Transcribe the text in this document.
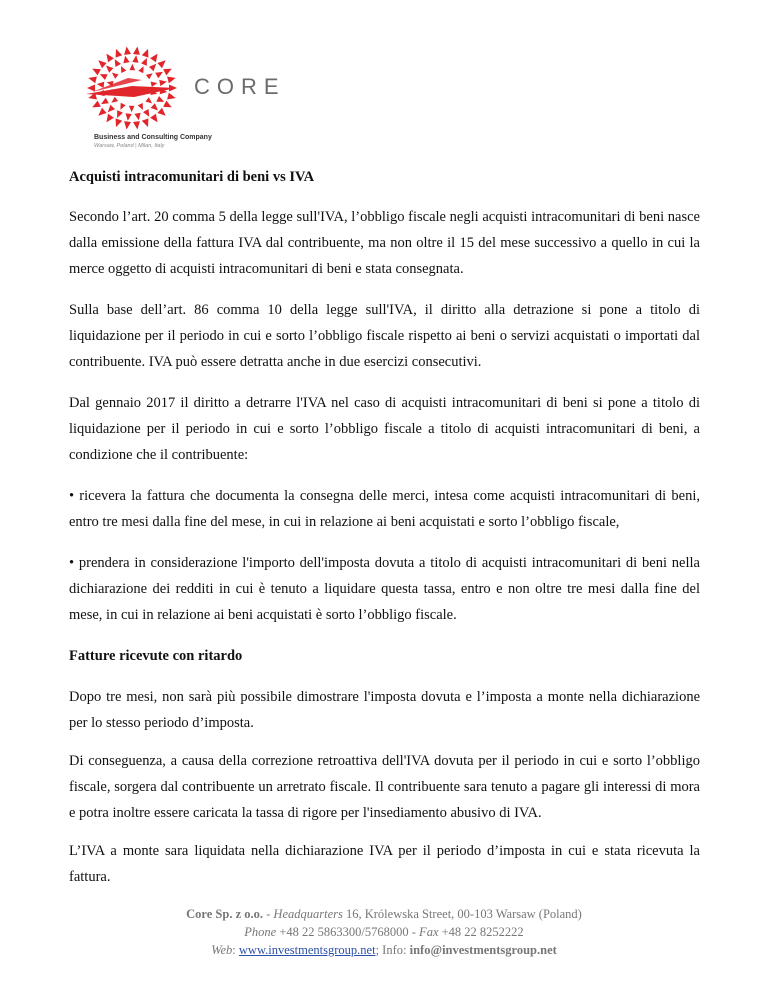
CORE
Business and Consulting Company
Warsaw, Poland | Milan, Italy
Acquisti intracomunitari di beni vs IVA

Secondo l’art. 20 comma 5 della legge sull'IVA, l’obbligo fiscale negli acquisti intracomunitari di beni nasce dalla emissione della fattura IVA dal contribuente, ma non oltre il 15 del mese successivo a quello in cui la merce oggetto di acquisti intracomunitari di beni e stata consegnata.

Sulla base dell’art. 86 comma 10 della legge sull'IVA, il diritto alla detrazione si pone a titolo di liquidazione per il periodo in cui e sorto l’obbligo fiscale rispetto ai beni o servizi acquistati o importati dal contribuente. IVA può essere detratta anche in due esercizi consecutivi.

Dal gennaio 2017 il diritto a detrarre l'IVA nel caso di acquisti intracomunitari di beni si pone a titolo di liquidazione per il periodo in cui e sorto l’obbligo fiscale a titolo di acquisti intracomunitari di beni, a condizione che il contribuente:

• ricevera la fattura che documenta la consegna delle merci, intesa come acquisti intracomunitari di beni, entro tre mesi dalla fine del mese, in cui in relazione ai beni acquistati e sorto l’obbligo fiscale,

• prendera in considerazione l'importo dell'imposta dovuta a titolo di acquisti intracomunitari di beni nella dichiarazione dei redditi in cui è tenuto a liquidare questa tassa, entro e non oltre tre mesi dalla fine del mese, in cui in relazione ai beni acquistati è sorto l’obbligo fiscale.

Fatture ricevute con ritardo

Dopo tre mesi, non sarà più possibile dimostrare l'imposta dovuta e l’imposta a monte nella dichiarazione per lo stesso periodo d’imposta.

Di conseguenza, a causa della correzione retroattiva dell'IVA dovuta per il periodo in cui e sorto l’obbligo fiscale, sorgera dal contribuente un arretrato fiscale. Il contribuente sara tenuto a pagare gli interessi di mora e potra inoltre essere caricata la tassa di rigore per l'insediamento abusivo di IVA.

L’IVA a monte sara liquidata nella dichiarazione IVA per il periodo d’imposta in cui e stata ricevuta la fattura.

Core Sp. z o.o. - Headquarters 16, Królewska Street, 00-103 Warsaw (Poland)
Phone +48 22 5863300/5768000 - Fax +48 22 8252222
Web: www.investmentsgroup.net; Info: info@investmentsgroup.net
